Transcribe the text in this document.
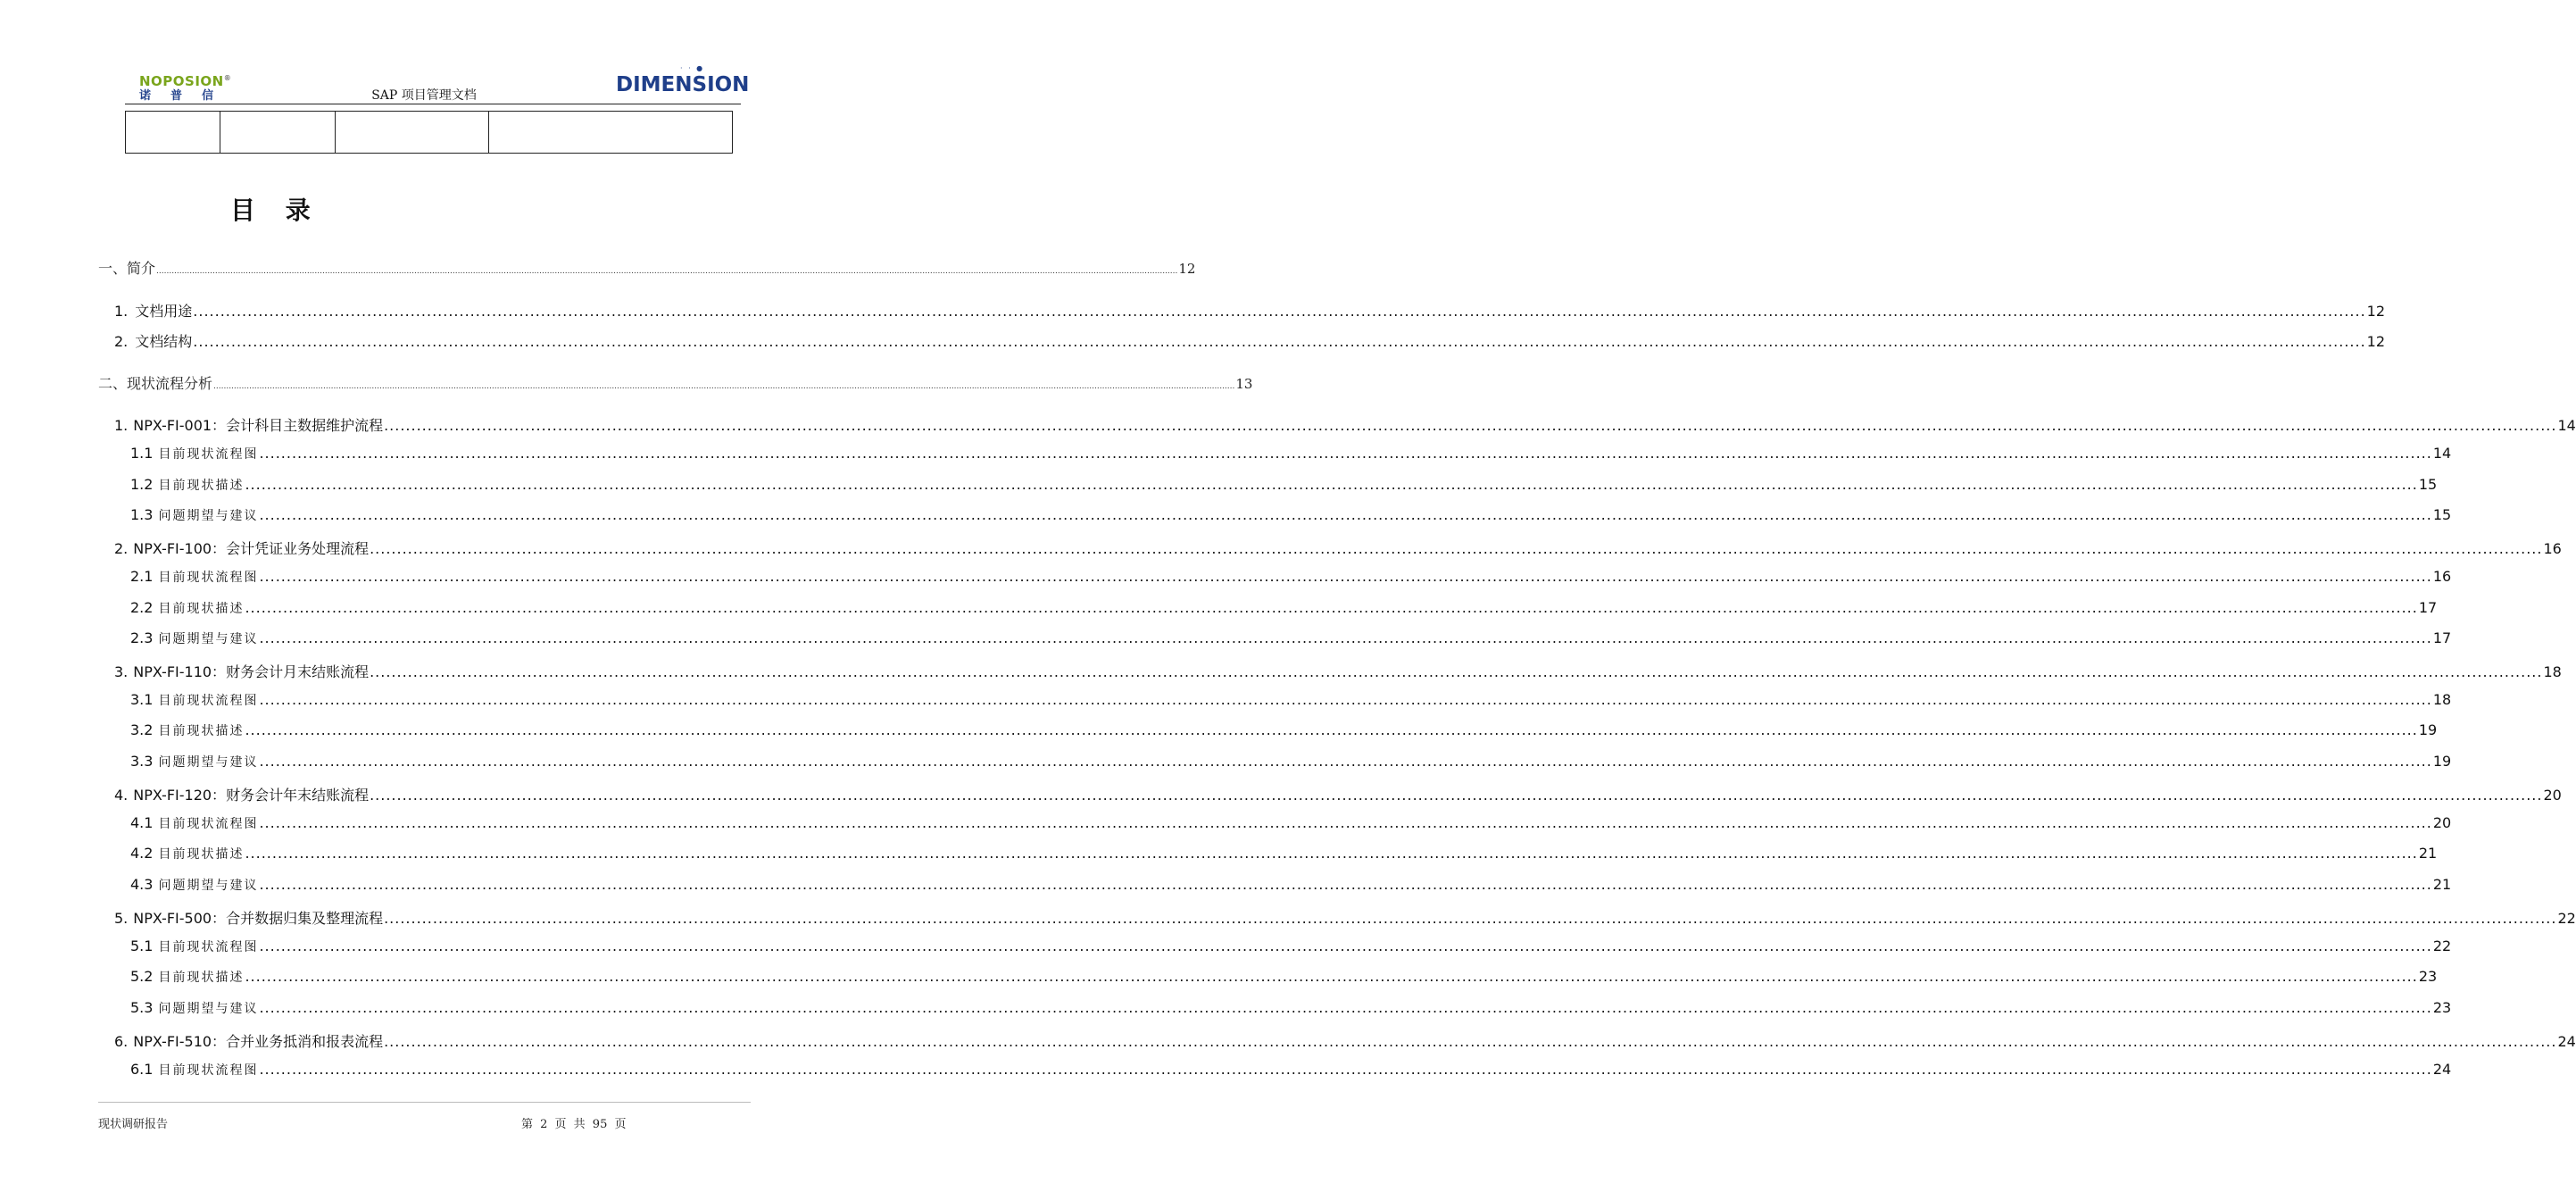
NOPOSION®
诺普信	SAP 项目管理文档
· · ●
DIMENSION

目 录
一、 简介 ................................................................................................................................................................................................................................................................................................................................................................................................................ 12
1. 文档用途 ................................................................................................................................................................................................................................................................................................................................................................................................................ 12
2. 文档结构 ................................................................................................................................................................................................................................................................................................................................................................................................................ 12
二、 现状流程分析 ................................................................................................................................................................................................................................................................................................................................................................................................................ 13
1. NPX-FI-001： 会计科目主数据维护流程 ................................................................................................................................................................................................................................................................................................................................................................................................................ 14
1.1 目前现状流程图 ................................................................................................................................................................................................................................................................................................................................................................................................................ 14
1.2 目前现状描述 ................................................................................................................................................................................................................................................................................................................................................................................................................ 15
1.3 问题期望与建议 ................................................................................................................................................................................................................................................................................................................................................................................................................ 15
2. NPX-FI-100： 会计凭证业务处理流程 ................................................................................................................................................................................................................................................................................................................................................................................................................ 16
2.1 目前现状流程图 ................................................................................................................................................................................................................................................................................................................................................................................................................ 16
2.2 目前现状描述 ................................................................................................................................................................................................................................................................................................................................................................................................................ 17
2.3 问题期望与建议 ................................................................................................................................................................................................................................................................................................................................................................................................................ 17
3. NPX-FI-110： 财务会计月末结账流程 ................................................................................................................................................................................................................................................................................................................................................................................................................ 18
3.1 目前现状流程图 ................................................................................................................................................................................................................................................................................................................................................................................................................ 18
3.2 目前现状描述 ................................................................................................................................................................................................................................................................................................................................................................................................................ 19
3.3 问题期望与建议 ................................................................................................................................................................................................................................................................................................................................................................................................................ 19
4. NPX-FI-120： 财务会计年末结账流程 ................................................................................................................................................................................................................................................................................................................................................................................................................ 20
4.1 目前现状流程图 ................................................................................................................................................................................................................................................................................................................................................................................................................ 20
4.2 目前现状描述 ................................................................................................................................................................................................................................................................................................................................................................................................................ 21
4.3 问题期望与建议 ................................................................................................................................................................................................................................................................................................................................................................................................................ 21
5. NPX-FI-500： 合并数据归集及整理流程 ................................................................................................................................................................................................................................................................................................................................................................................................................ 22
5.1 目前现状流程图 ................................................................................................................................................................................................................................................................................................................................................................................................................ 22
5.2 目前现状描述 ................................................................................................................................................................................................................................................................................................................................................................................................................ 23
5.3 问题期望与建议 ................................................................................................................................................................................................................................................................................................................................................................................................................ 23
6. NPX-FI-510： 合并业务抵消和报表流程 ................................................................................................................................................................................................................................................................................................................................................................................................................ 24
6.1 目前现状流程图 ................................................................................................................................................................................................................................................................................................................................................................................................................ 24
现状调研报告	第 2 页 共 95 页
